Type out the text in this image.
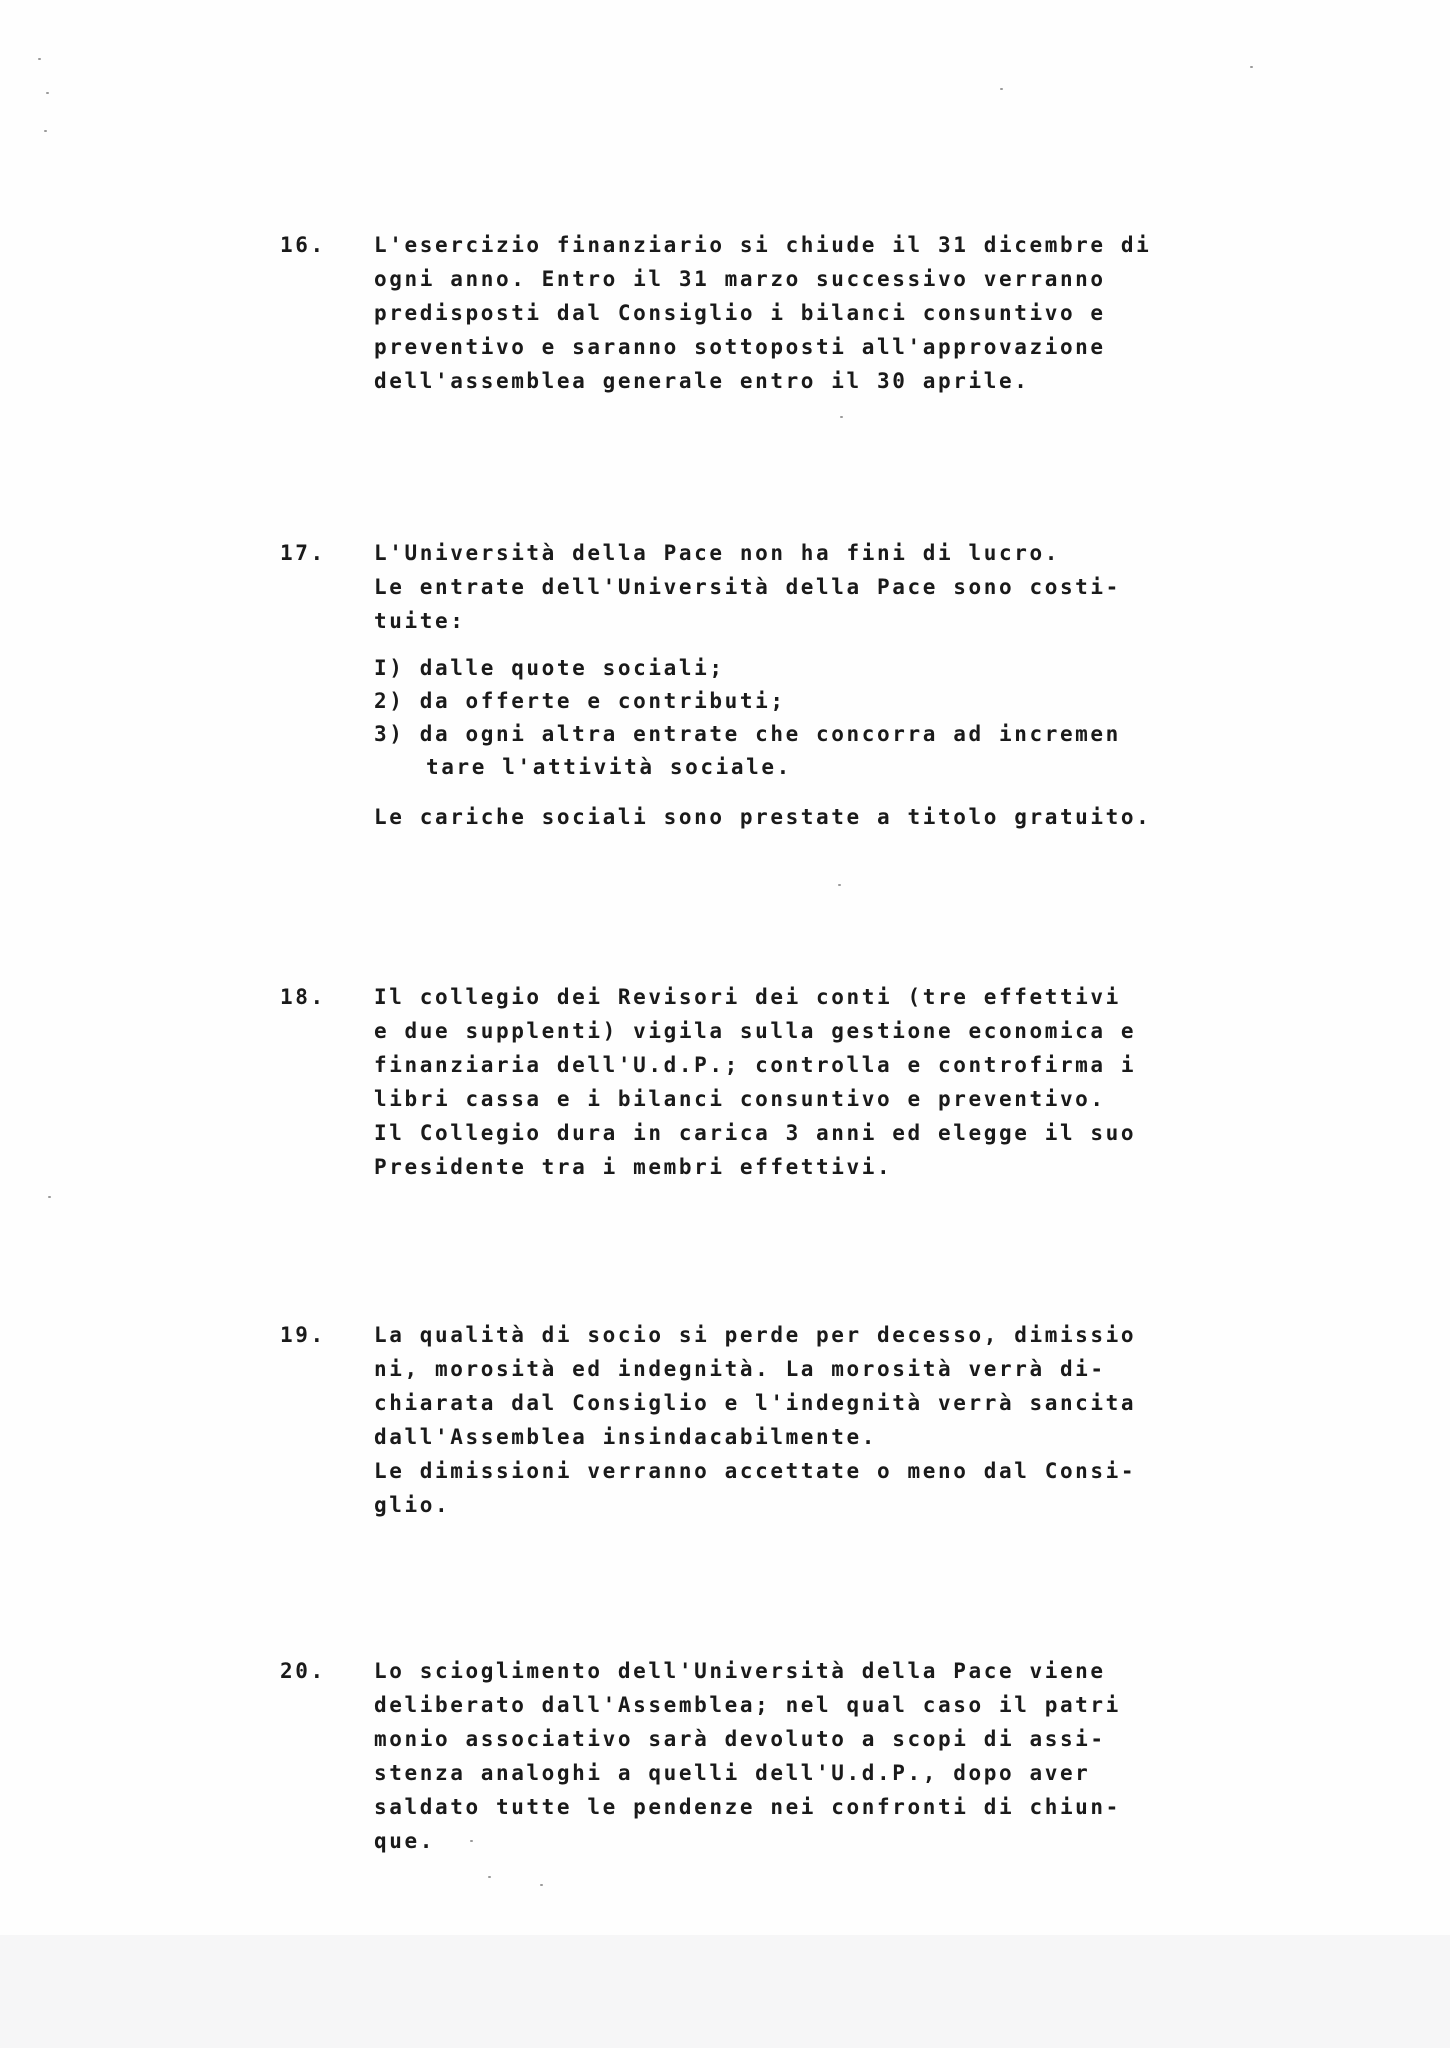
16.	L'esercizio finanziario si chiude il 31 dicembre di
ogni anno. Entro il 31 marzo successivo verranno
predisposti dal Consiglio i bilanci consuntivo e
preventivo e saranno sottoposti all'approvazione
dell'assemblea generale entro il 30 aprile.
17.	L'Università della Pace non ha fini di lucro.
Le entrate dell'Università della Pace sono costi-
tuite:
I) dalle quote sociali;
2) da offerte e contributi;
3) da ogni altra entrate che concorra ad incremen
tare l'attività sociale.
Le cariche sociali sono prestate a titolo gratuito.
18.	Il collegio dei Revisori dei conti (tre effettivi
e due supplenti) vigila sulla gestione economica e
finanziaria dell'U.d.P.; controlla e controfirma i
libri cassa e i bilanci consuntivo e preventivo.
Il Collegio dura in carica 3 anni ed elegge il suo
Presidente tra i membri effettivi.
19.	La qualità di socio si perde per decesso, dimissio
ni, morosità ed indegnità. La morosità verrà di-
chiarata dal Consiglio e l'indegnità verrà sancita
dall'Assemblea insindacabilmente.
Le dimissioni verranno accettate o meno dal Consi-
glio.
20.	Lo scioglimento dell'Università della Pace viene
deliberato dall'Assemblea; nel qual caso il patri
monio associativo sarà devoluto a scopi di assi-
stenza analoghi a quelli dell'U.d.P., dopo aver
saldato tutte le pendenze nei confronti di chiun-
que.
